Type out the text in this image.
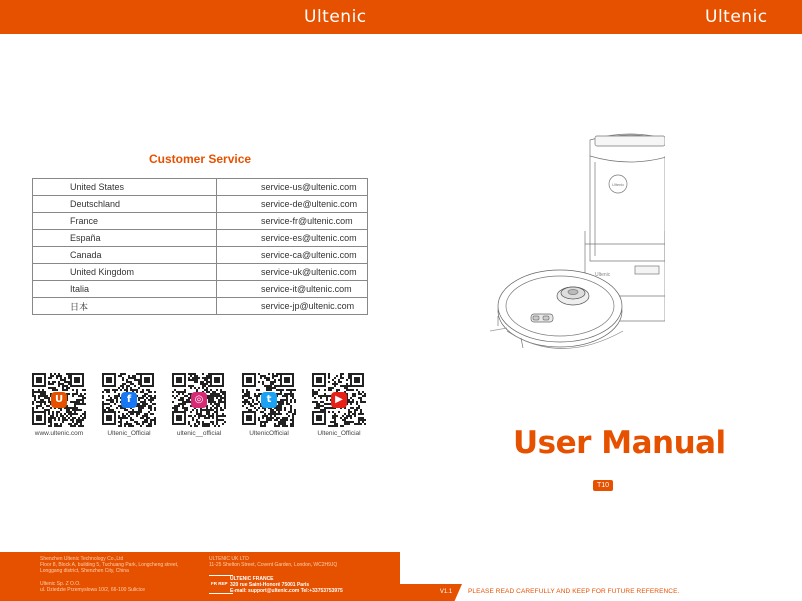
Ultenic	Ultenic
Customer Service
United States	service-us@ultenic.com
Deutschland	service-de@ultenic.com
France	service-fr@ultenic.com
España	service-es@ultenic.com
Canada	service-ca@ultenic.com
United Kingdom	service-uk@ultenic.com
Italia	service-it@ultenic.com
日本	service-jp@ultenic.com
U
www.ultenic.com
f
Ultenic_Official
◎
ultenic__official
t
UltenicOfficial
▶
Ultenic_Official
Ultenic
Ultenic
User Manual
T10
Shenzhen Ultenic Technology Co.,Ltd
Floor 8, Block A, building 5, Tuchuang Park, Longcheng street,
Longgang district, Shenzhen City, China
Ultenic Sp. Z O.O.
ul. Dziedzie Przemysłowa 10/2, 66-100 Sulicice
ULTENIC UK LTD
11-25 Shelton Street, Covent Garden, London, WC2H9JQ
FR REP
ULTENIC FRANCE
320 rue Saint-Honoré 75001 Paris
E-mail: support@ultenic.com Tel:+33753753975	V1.1	PLEASE READ CAREFULLY AND KEEP FOR FUTURE REFERENCE.
